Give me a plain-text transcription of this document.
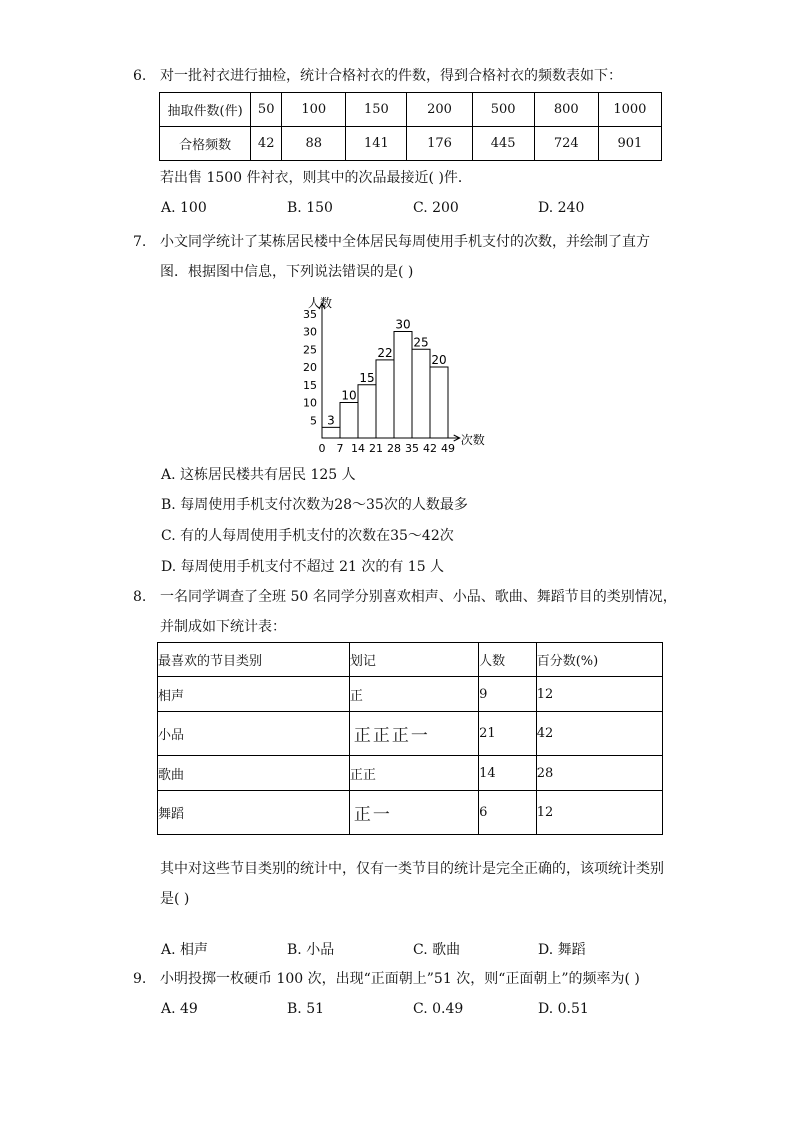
6. 对一批衬衣进行抽检，统计合格衬衣的件数，得到合格衬衣的频数表如下：
抽取件数(件)	50	100	150	200	500	800	1000
合格频数	42	88	141	176	445	724	901
若出售 1500 件衬衣，则其中的次品最接近( )件．
A. 100	B. 150	C. 200	D. 240
7. 小文同学统计了某栋居民楼中全体居民每周使用手机支付的次数，并绘制了直方
图．根据图中信息，下列说法错误的是( )
人数
次数
5
10
15
20
25
30
35
0 7 14 21 28 35 42 49
3
10
15
22
30
25
20
A. 这栋居民楼共有居民 125 人
B. 每周使用手机支付次数为28～35次的人数最多
C. 有的人每周使用手机支付的次数在35～42次
D. 每周使用手机支付不超过 21 次的有 15 人
8. 一名同学调查了全班 50 名同学分别喜欢相声、小品、歌曲、舞蹈节目的类别情况，
并制成如下统计表：
最喜欢的节目类别	划记	人数	百分数(%)
相声	正	9	12
小品	正正正一	21	42
歌曲	正正	14	28
舞蹈	正一	6	12
其中对这些节目类别的统计中，仅有一类节目的统计是完全正确的，该项统计类别
是( )
A. 相声	B. 小品	C. 歌曲	D. 舞蹈
9. 小明投掷一枚硬币 100 次，出现“正面朝上”51 次，则“正面朝上”的频率为( )
A. 49	B. 51	C. 0.49	D. 0.51
